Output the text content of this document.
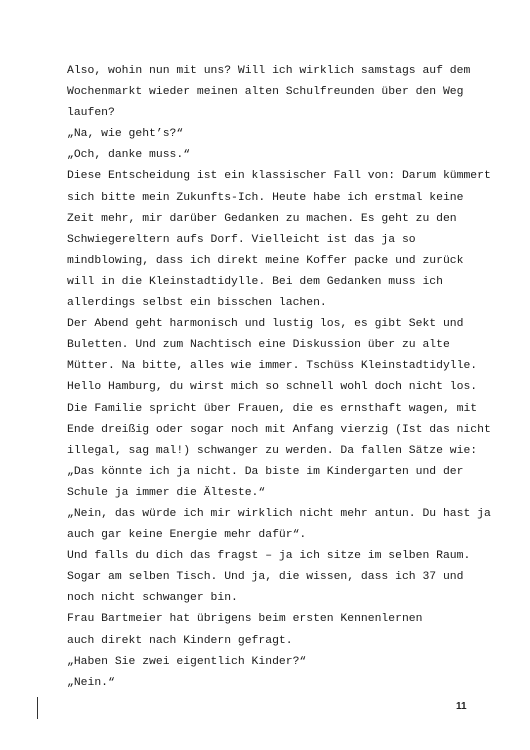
Also, wohin nun mit uns? Will ich wirklich samstags auf dem
Wochenmarkt wieder meinen alten Schulfreunden über den Weg
laufen?
„Na, wie geht’s?“
„Och, danke muss.“
Diese Entscheidung ist ein klassischer Fall von: Darum kümmert
sich bitte mein Zukunfts-Ich. Heute habe ich erstmal keine
Zeit mehr, mir darüber Gedanken zu machen. Es geht zu den
Schwiegereltern aufs Dorf. Vielleicht ist das ja so
mindblowing, dass ich direkt meine Koffer packe und zurück
will in die Kleinstadtidylle. Bei dem Gedanken muss ich
allerdings selbst ein bisschen lachen.
Der Abend geht harmonisch und lustig los, es gibt Sekt und
Buletten. Und zum Nachtisch eine Diskussion über zu alte
Mütter. Na bitte, alles wie immer. Tschüss Kleinstadtidylle.
Hello Hamburg, du wirst mich so schnell wohl doch nicht los.
Die Familie spricht über Frauen, die es ernsthaft wagen, mit
Ende dreißig oder sogar noch mit Anfang vierzig (Ist das nicht
illegal, sag mal!) schwanger zu werden. Da fallen Sätze wie:
„Das könnte ich ja nicht. Da biste im Kindergarten und der
Schule ja immer die Älteste.“
„Nein, das würde ich mir wirklich nicht mehr antun. Du hast ja
auch gar keine Energie mehr dafür“.
Und falls du dich das fragst – ja ich sitze im selben Raum.
Sogar am selben Tisch. Und ja, die wissen, dass ich 37 und
noch nicht schwanger bin.
Frau Bartmeier hat übrigens beim ersten Kennenlernen
auch direkt nach Kindern gefragt.
„Haben Sie zwei eigentlich Kinder?“
„Nein.“
11
